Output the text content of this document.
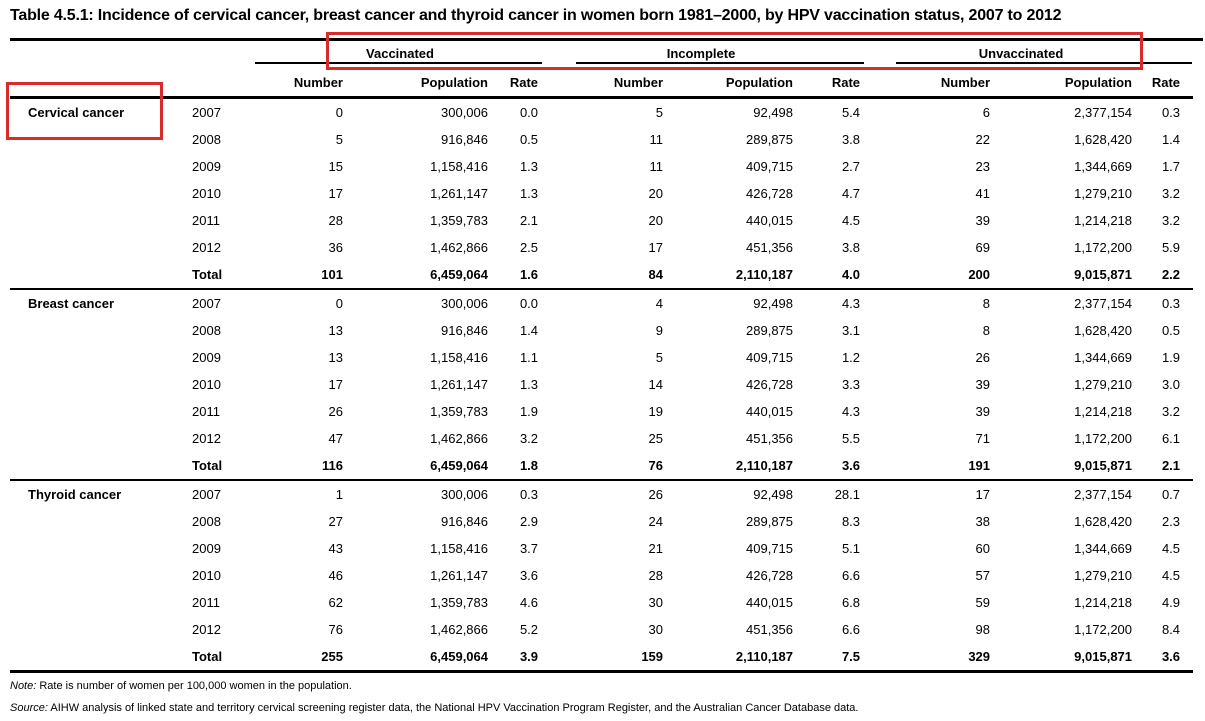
Table 4.5.1: Incidence of cervical cancer, breast cancer and thyroid cancer in women born 1981–2000, by HPV vaccination status, 2007 to 2012
		Vaccinated			Incomplete			Unvaccinated		
		Number	Population	Rate	Number	Population	Rate	Number	Population	Rate
Cervical cancer	2007	0	300,006	0.0	5	92,498	5.4	6	2,377,154	0.3
	2008	5	916,846	0.5	11	289,875	3.8	22	1,628,420	1.4
	2009	15	1,158,416	1.3	11	409,715	2.7	23	1,344,669	1.7
	2010	17	1,261,147	1.3	20	426,728	4.7	41	1,279,210	3.2
	2011	28	1,359,783	2.1	20	440,015	4.5	39	1,214,218	3.2
	2012	36	1,462,866	2.5	17	451,356	3.8	69	1,172,200	5.9
	Total	101	6,459,064	1.6	84	2,110,187	4.0	200	9,015,871	2.2
Breast cancer	2007	0	300,006	0.0	4	92,498	4.3	8	2,377,154	0.3
	2008	13	916,846	1.4	9	289,875	3.1	8	1,628,420	0.5
	2009	13	1,158,416	1.1	5	409,715	1.2	26	1,344,669	1.9
	2010	17	1,261,147	1.3	14	426,728	3.3	39	1,279,210	3.0
	2011	26	1,359,783	1.9	19	440,015	4.3	39	1,214,218	3.2
	2012	47	1,462,866	3.2	25	451,356	5.5	71	1,172,200	6.1
	Total	116	6,459,064	1.8	76	2,110,187	3.6	191	9,015,871	2.1
Thyroid cancer	2007	1	300,006	0.3	26	92,498	28.1	17	2,377,154	0.7
	2008	27	916,846	2.9	24	289,875	8.3	38	1,628,420	2.3
	2009	43	1,158,416	3.7	21	409,715	5.1	60	1,344,669	4.5
	2010	46	1,261,147	3.6	28	426,728	6.6	57	1,279,210	4.5
	2011	62	1,359,783	4.6	30	440,015	6.8	59	1,214,218	4.9
	2012	76	1,462,866	5.2	30	451,356	6.6	98	1,172,200	8.4
	Total	255	6,459,064	3.9	159	2,110,187	7.5	329	9,015,871	3.6

Note: Rate is number of women per 100,000 women in the population.

Source: AIHW analysis of linked state and territory cervical screening register data, the National HPV Vaccination Program Register, and the Australian Cancer Database data.
